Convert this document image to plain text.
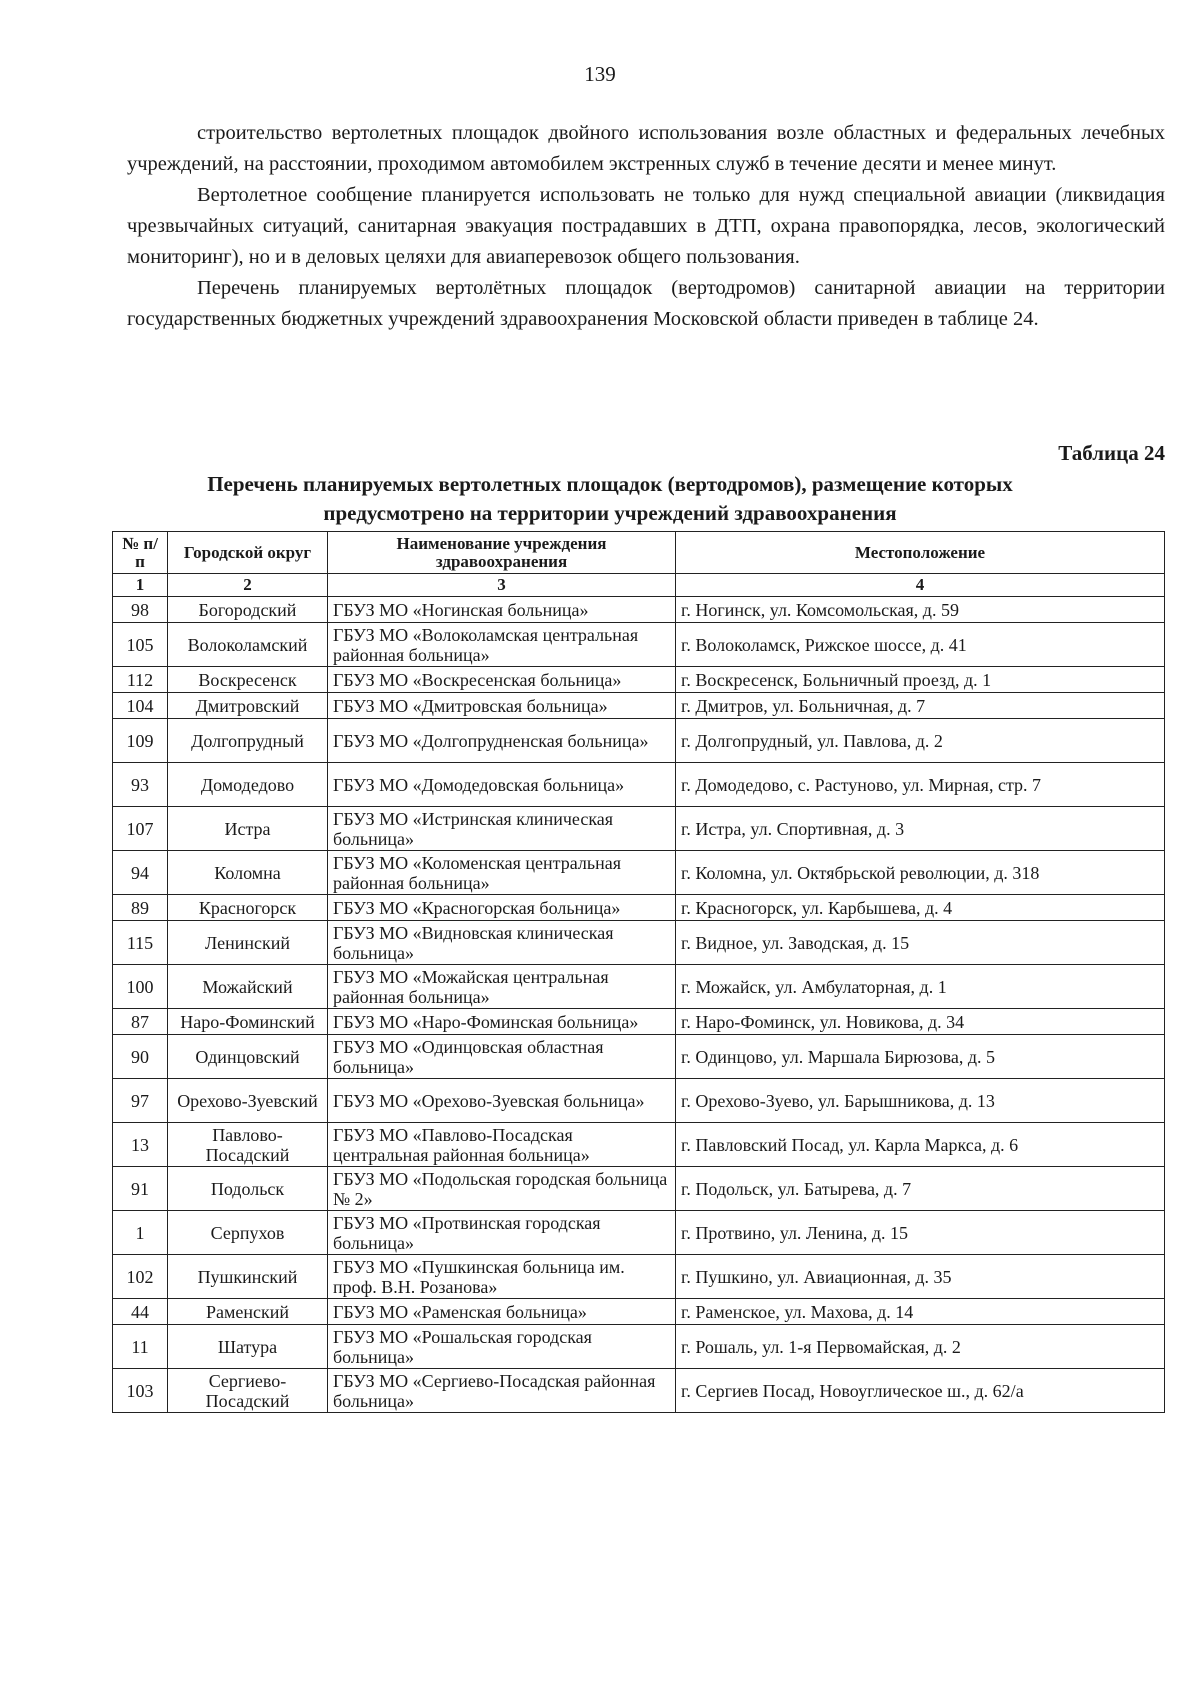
139

строительство вертолетных площадок двойного использования возле областных и федеральных лечебных учреждений, на расстоянии, проходимом автомобилем экстренных служб в течение десяти и менее минут.

Вертолетное сообщение планируется использовать не только для нужд специальной авиации (ликвидация чрезвычайных ситуаций, санитарная эвакуация пострадавших в ДТП, охрана правопорядка, лесов, экологический мониторинг), но и в деловых целяхи для авиаперевозок общего пользования.

Перечень планируемых вертолётных площадок (вертодромов) санитарной авиации на территории государственных бюджетных учреждений здравоохранения Московской области приведен в таблице 24.

Таблица 24
Перечень планируемых вертолетных площадок (вертодромов), размещение которых
предусмотрено на территории учреждений здравоохранения
№ п/п	Городской округ	Наименование учреждения здравоохранения	Местоположение
1	2	3	4
98	Богородский	ГБУЗ МО «Ногинская больница»	г. Ногинск, ул. Комсомольская, д. 59
105	Волоколамский	ГБУЗ МО «Волоколамская центральная районная больница»	г. Волоколамск, Рижское шоссе, д. 41
112	Воскресенск	ГБУЗ МО «Воскресенская больница»	г. Воскресенск, Больничный проезд, д. 1
104	Дмитровский	ГБУЗ МО «Дмитровская больница»	г. Дмитров, ул. Больничная, д. 7
109	Долгопрудный	ГБУЗ МО «Долгопрудненская больница»	г. Долгопрудный, ул. Павлова, д. 2
93	Домодедово	ГБУЗ МО «Домодедовская больница»	г. Домодедово, с. Растуново, ул. Мирная, стр. 7
107	Истра	ГБУЗ МО «Истринская клиническая больница»	г. Истра, ул. Спортивная, д. 3
94	Коломна	ГБУЗ МО «Коломенская центральная районная больница»	г. Коломна, ул. Октябрьской революции, д. 318
89	Красногорск	ГБУЗ МО «Красногорская больница»	г. Красногорск, ул. Карбышева, д. 4
115	Ленинский	ГБУЗ МО «Видновская клиническая больница»	г. Видное, ул. Заводская, д. 15
100	Можайский	ГБУЗ МО «Можайская центральная районная больница»	г. Можайск, ул. Амбулаторная, д. 1
87	Наро-Фоминский	ГБУЗ МО «Наро-Фоминская больница»	г. Наро-Фоминск, ул. Новикова, д. 34
90	Одинцовский	ГБУЗ МО «Одинцовская областная больница»	г. Одинцово, ул. Маршала Бирюзова, д. 5
97	Орехово-Зуевский	ГБУЗ МО «Орехово-Зуевская больница»	г. Орехово-Зуево, ул. Барышникова, д. 13
13	Павлово-Посадский	ГБУЗ МО «Павлово-Посадская центральная районная больница»	г. Павловский Посад, ул. Карла Маркса, д. 6
91	Подольск	ГБУЗ МО «Подольская городская больница № 2»	г. Подольск, ул. Батырева, д. 7
1	Серпухов	ГБУЗ МО «Протвинская городская больница»	г. Протвино, ул. Ленина, д. 15
102	Пушкинский	ГБУЗ МО «Пушкинская больница им. проф. В.Н. Розанова»	г. Пушкино, ул. Авиационная, д. 35
44	Раменский	ГБУЗ МО «Раменская больница»	г. Раменское, ул. Махова, д. 14
11	Шатура	ГБУЗ МО «Рошальская городская больница»	г. Рошаль, ул. 1-я Первомайская, д. 2
103	Сергиево-Посадский	ГБУЗ МО «Сергиево-Посадская районная больница»	г. Сергиев Посад, Новоуглическое ш., д. 62/а
